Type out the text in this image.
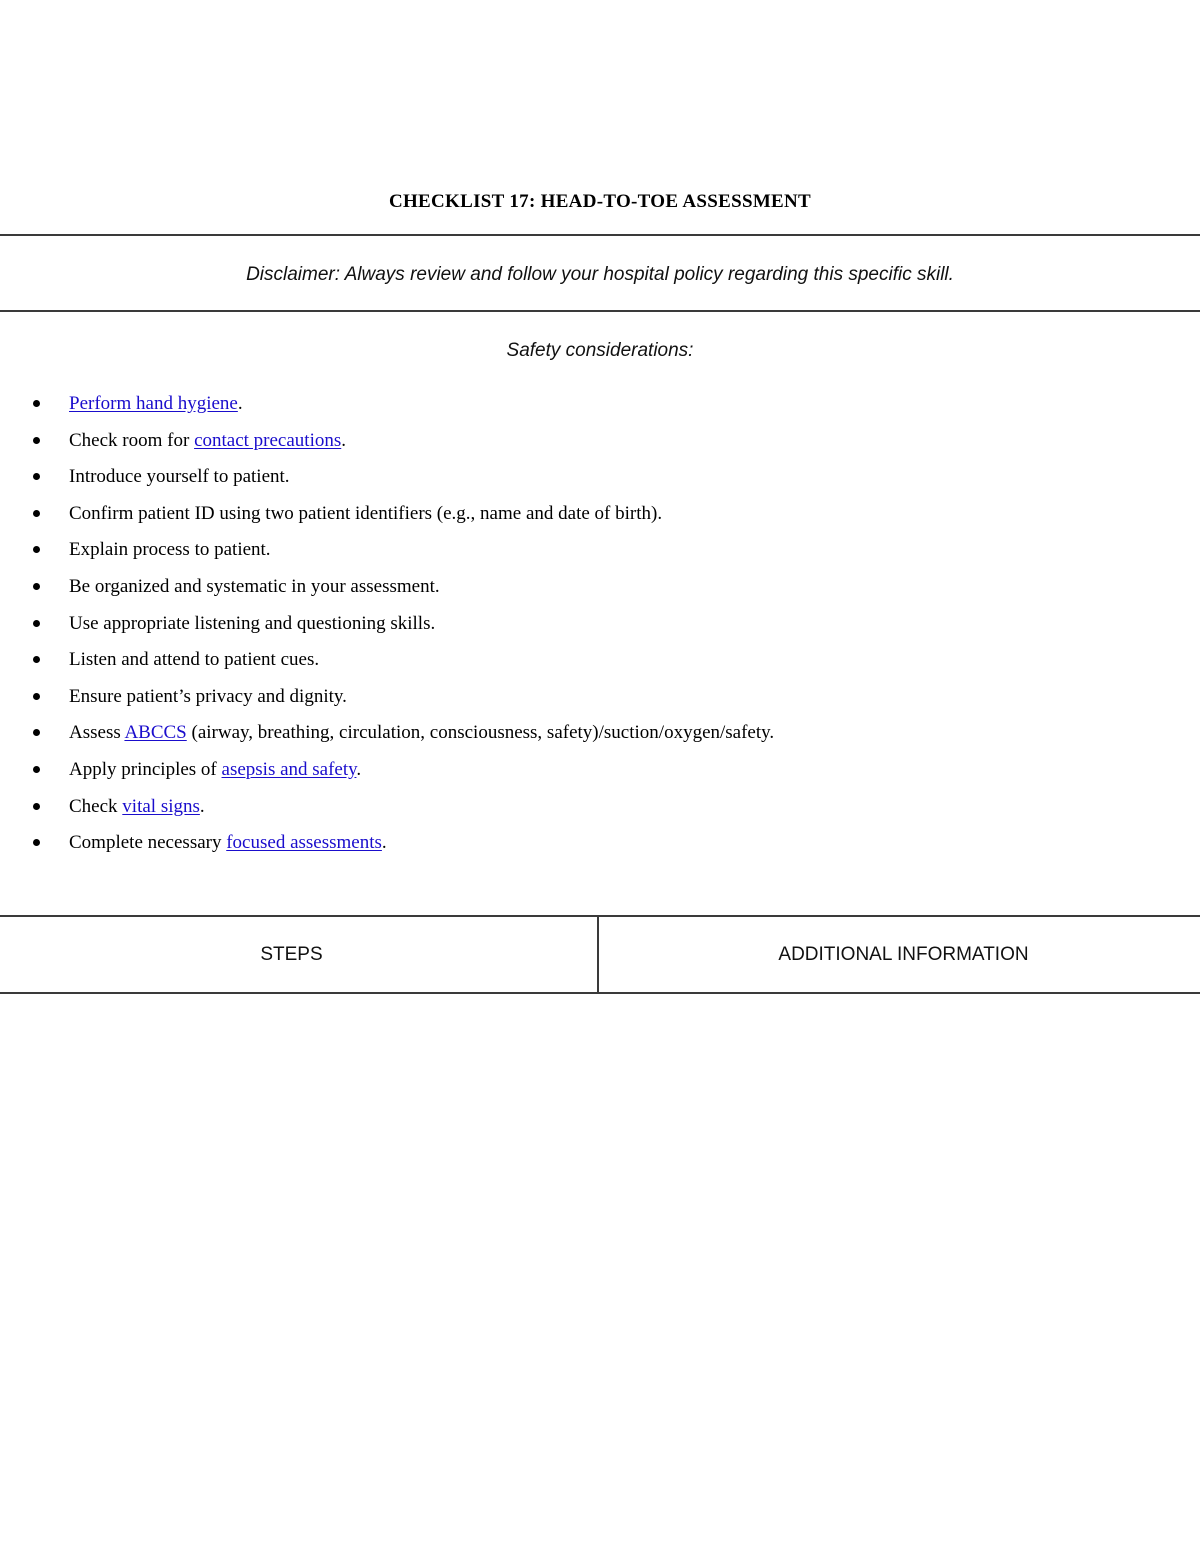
CHECKLIST 17: HEAD-TO-TOE ASSESSMENT
Disclaimer: Always review and follow your hospital policy regarding this specific skill.
Safety considerations:
Perform hand hygiene.
Check room for contact precautions.
Introduce yourself to patient.
Confirm patient ID using two patient identifiers (e.g., name and date of birth).
Explain process to patient.
Be organized and systematic in your assessment.
Use appropriate listening and questioning skills.
Listen and attend to patient cues.
Ensure patient’s privacy and dignity.
Assess ABCCS (airway, breathing, circulation, consciousness, safety)/suction/oxygen/safety.
Apply principles of asepsis and safety.
Check vital signs.
Complete necessary focused assessments.
STEPS	ADDITIONAL INFORMATION
